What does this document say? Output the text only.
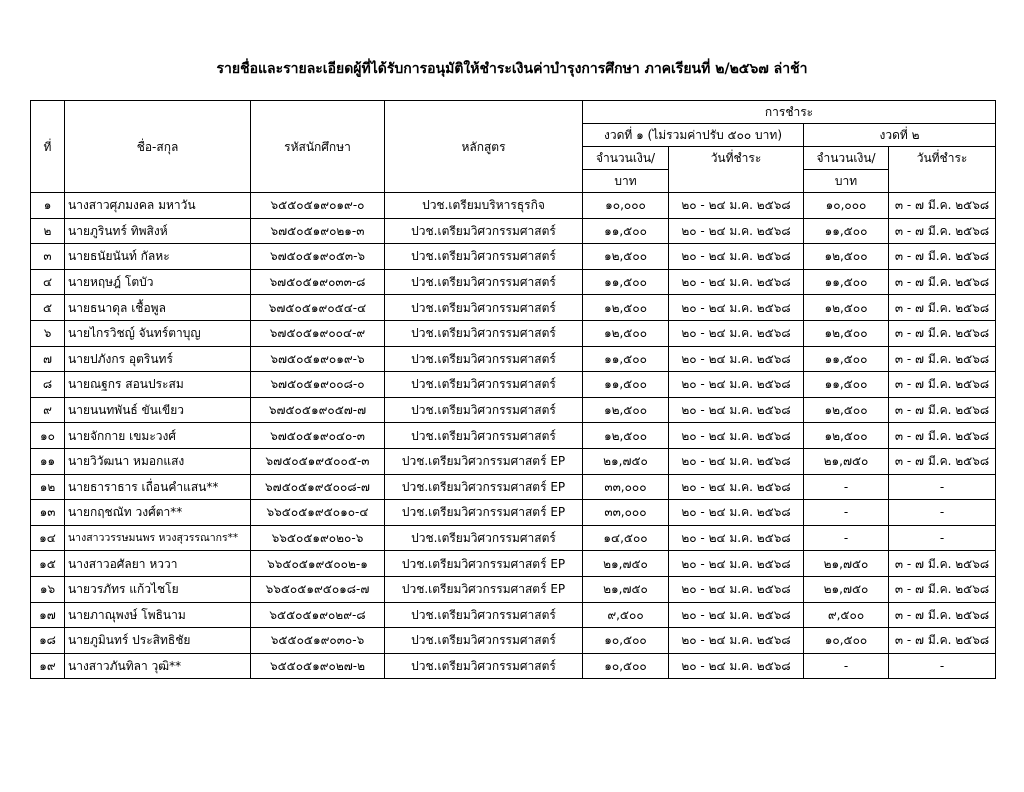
รายชื่อและรายละเอียดผู้ที่ได้รับการอนุมัติให้ชำระเงินค่าบำรุงการศึกษา ภาคเรียนที่ ๒/๒๕๖๗ ล่าช้า
ที่	ชื่อ-สกุล	รหัสนักศึกษา	หลักสูตร	การชำระ			
				งวดที่ ๑ (ไม่รวมค่าปรับ ๕๐๐ บาท)		งวดที่ ๒	
				จำนวนเงิน/	วันที่ชำระ	จำนวนเงิน/	วันที่ชำระ
				บาท		บาท	
๑	นางสาวศุภมงคล มหาวัน	๖๕๕๐๕๑๙๐๑๙-๐	ปวช.เตรียมบริหารธุรกิจ	๑๐,๐๐๐	๒๐ - ๒๔ ม.ค. ๒๕๖๘	๑๐,๐๐๐	๓ - ๗ มี.ค. ๒๕๖๘
๒	นายภูรินทร์ ทิพสิงห์	๖๗๕๐๕๑๙๐๒๑-๓	ปวช.เตรียมวิศวกรรมศาสตร์	๑๑,๕๐๐	๒๐ - ๒๔ ม.ค. ๒๕๖๘	๑๑,๕๐๐	๓ - ๗ มี.ค. ๒๕๖๘
๓	นายธนัยนันท์ กัลหะ	๖๗๕๐๕๑๙๐๕๓-๖	ปวช.เตรียมวิศวกรรมศาสตร์	๑๒,๕๐๐	๒๐ - ๒๔ ม.ค. ๒๕๖๘	๑๒,๕๐๐	๓ - ๗ มี.ค. ๒๕๖๘
๔	นายหฤษฎ์ โตบัว	๖๗๕๐๕๑๙๐๓๓-๘	ปวช.เตรียมวิศวกรรมศาสตร์	๑๑,๕๐๐	๒๐ - ๒๔ ม.ค. ๒๕๖๘	๑๑,๕๐๐	๓ - ๗ มี.ค. ๒๕๖๘
๕	นายธนาดุล เชื้อพูล	๖๗๕๐๕๑๙๐๕๔-๔	ปวช.เตรียมวิศวกรรมศาสตร์	๑๒,๕๐๐	๒๐ - ๒๔ ม.ค. ๒๕๖๘	๑๒,๕๐๐	๓ - ๗ มี.ค. ๒๕๖๘
๖	นายไกรวิชญ์ จันทร์ตาบุญ	๖๗๕๐๕๑๙๐๐๔-๙	ปวช.เตรียมวิศวกรรมศาสตร์	๑๒,๕๐๐	๒๐ - ๒๔ ม.ค. ๒๕๖๘	๑๒,๕๐๐	๓ - ๗ มี.ค. ๒๕๖๘
๗	นายปภังกร อุตรินทร์	๖๗๕๐๕๑๙๐๑๙-๖	ปวช.เตรียมวิศวกรรมศาสตร์	๑๑,๕๐๐	๒๐ - ๒๔ ม.ค. ๒๕๖๘	๑๑,๕๐๐	๓ - ๗ มี.ค. ๒๕๖๘
๘	นายณฐกร สอนประสม	๖๗๕๐๕๑๙๐๐๘-๐	ปวช.เตรียมวิศวกรรมศาสตร์	๑๑,๕๐๐	๒๐ - ๒๔ ม.ค. ๒๕๖๘	๑๑,๕๐๐	๓ - ๗ มี.ค. ๒๕๖๘
๙	นายนนทพันธ์ ขันเขียว	๖๗๕๐๕๑๙๐๕๗-๗	ปวช.เตรียมวิศวกรรมศาสตร์	๑๒,๕๐๐	๒๐ - ๒๔ ม.ค. ๒๕๖๘	๑๒,๕๐๐	๓ - ๗ มี.ค. ๒๕๖๘
๑๐	นายจักกาย เขมะวงศ์	๖๗๕๐๕๑๙๐๔๐-๓	ปวช.เตรียมวิศวกรรมศาสตร์	๑๒,๕๐๐	๒๐ - ๒๔ ม.ค. ๒๕๖๘	๑๒,๕๐๐	๓ - ๗ มี.ค. ๒๕๖๘
๑๑	นายวิวัฒนา หมอกแสง	๖๗๕๐๕๑๙๕๐๐๕-๓	ปวช.เตรียมวิศวกรรมศาสตร์ EP	๒๑,๗๕๐	๒๐ - ๒๔ ม.ค. ๒๕๖๘	๒๑,๗๕๐	๓ - ๗ มี.ค. ๒๕๖๘
๑๒	นายธาราธาร เถื่อนคำแสน**	๖๗๕๐๕๑๙๕๐๐๘-๗	ปวช.เตรียมวิศวกรรมศาสตร์ EP	๓๓,๐๐๐	๒๐ - ๒๔ ม.ค. ๒๕๖๘	-	-
๑๓	นายกฤชณัท วงศ์ตา**	๖๖๕๐๕๑๙๕๐๑๐-๔	ปวช.เตรียมวิศวกรรมศาสตร์ EP	๓๓,๐๐๐	๒๐ - ๒๔ ม.ค. ๒๕๖๘	-	-
๑๔	นางสาววรรษมนพร หวงสุวรรณากร**	๖๖๕๐๕๑๙๐๒๐-๖	ปวช.เตรียมวิศวกรรมศาสตร์	๑๔,๕๐๐	๒๐ - ๒๔ ม.ค. ๒๕๖๘	-	-
๑๕	นางสาวอศัลยา หววา	๖๖๕๐๕๑๙๕๐๐๒-๑	ปวช.เตรียมวิศวกรรมศาสตร์ EP	๒๑,๗๕๐	๒๐ - ๒๔ ม.ค. ๒๕๖๘	๒๑,๗๕๐	๓ - ๗ มี.ค. ๒๕๖๘
๑๖	นายวรภัทร แก้วไชโย	๖๖๕๐๕๑๙๕๐๑๘-๗	ปวช.เตรียมวิศวกรรมศาสตร์ EP	๒๑,๗๕๐	๒๐ - ๒๔ ม.ค. ๒๕๖๘	๒๑,๗๕๐	๓ - ๗ มี.ค. ๒๕๖๘
๑๗	นายภาณุพงษ์ โพธินาม	๖๕๕๐๕๑๙๐๒๙-๘	ปวช.เตรียมวิศวกรรมศาสตร์	๙,๕๐๐	๒๐ - ๒๔ ม.ค. ๒๕๖๘	๙,๕๐๐	๓ - ๗ มี.ค. ๒๕๖๘
๑๘	นายภูมินทร์ ประสิทธิชัย	๖๕๕๐๕๑๙๐๓๐-๖	ปวช.เตรียมวิศวกรรมศาสตร์	๑๐,๕๐๐	๒๐ - ๒๔ ม.ค. ๒๕๖๘	๑๐,๕๐๐	๓ - ๗ มี.ค. ๒๕๖๘
๑๙	นางสาวภันทิลา วุฒิ**	๖๕๕๐๕๑๙๐๒๗-๒	ปวช.เตรียมวิศวกรรมศาสตร์	๑๐,๕๐๐	๒๐ - ๒๔ ม.ค. ๒๕๖๘	-	-
